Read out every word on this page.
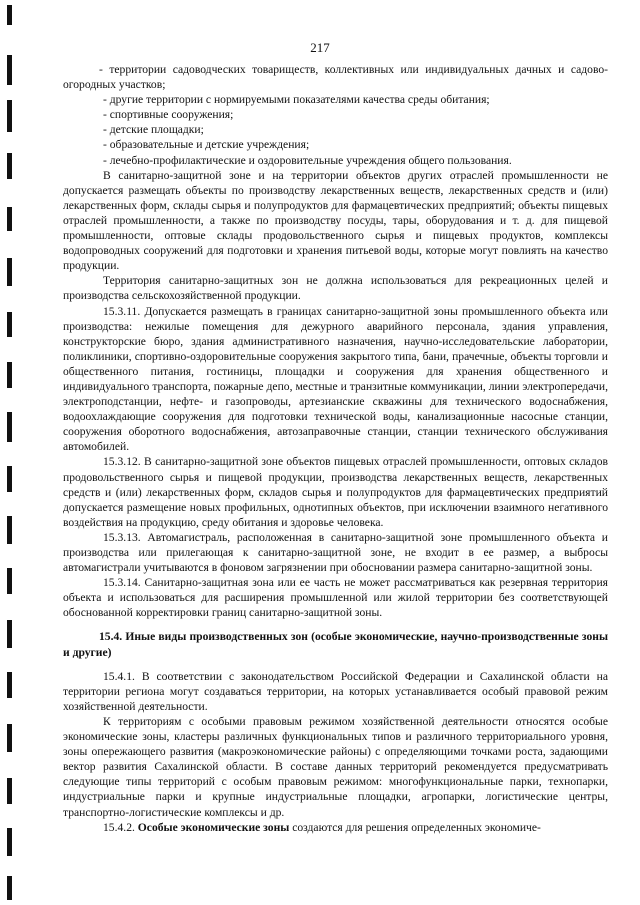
217

- территории садоводческих товариществ, коллективных или индивидуальных дачных и садово-огородных участков;

- другие территории с нормируемыми показателями качества среды обитания;

- спортивные сооружения;

- детские площадки;

- образовательные и детские учреждения;

- лечебно-профилактические и оздоровительные учреждения общего пользования.

В санитарно-защитной зоне и на территории объектов других отраслей промышленности не допускается размещать объекты по производству лекарственных веществ, лекарственных средств и (или) лекарственных форм, склады сырья и полупродуктов для фармацевтических предприятий; объекты пищевых отраслей промышленности, а также по производству посуды, тары, оборудования и т. д. для пищевой промышленности, оптовые склады продовольственного сырья и пищевых продуктов, комплексы водопроводных сооружений для подготовки и хранения питьевой воды, которые могут повлиять на качество продукции.

Территория санитарно-защитных зон не должна использоваться для рекреационных целей и производства сельскохозяйственной продукции.

15.3.11. Допускается размещать в границах санитарно-защитной зоны промышленного объекта или производства: нежилые помещения для дежурного аварийного персонала, здания управления, конструкторские бюро, здания административного назначения, научно-исследовательские лаборатории, поликлиники, спортивно-оздоровительные сооружения закрытого типа, бани, прачечные, объекты торговли и общественного питания, гостиницы, площадки и сооружения для хранения общественного и индивидуального транспорта, пожарные депо, местные и транзитные коммуникации, линии электропередачи, электроподстанции, нефте- и газопроводы, артезианские скважины для технического водоснабжения, водоохлаждающие сооружения для подготовки технической воды, канализационные насосные станции, сооружения оборотного водоснабжения, автозаправочные станции, станции технического обслуживания автомобилей.

15.3.12. В санитарно-защитной зоне объектов пищевых отраслей промышленности, оптовых складов продовольственного сырья и пищевой продукции, производства лекарственных веществ, лекарственных средств и (или) лекарственных форм, складов сырья и полупродуктов для фармацевтических предприятий допускается размещение новых профильных, однотипных объектов, при исключении взаимного негативного воздействия на продукцию, среду обитания и здоровье человека.

15.3.13. Автомагистраль, расположенная в санитарно-защитной зоне промышленного объекта и производства или прилегающая к санитарно-защитной зоне, не входит в ее размер, а выбросы автомагистрали учитываются в фоновом загрязнении при обосновании размера санитарно-защитной зоны.

15.3.14. Санитарно-защитная зона или ее часть не может рассматриваться как резервная территория объекта и использоваться для расширения промышленной или жилой территории без соответствующей обоснованной корректировки границ санитарно-защитной зоны.

15.4. Иные виды производственных зон (особые экономические, научно-производственные зоны и другие)

15.4.1. В соответствии с законодательством Российской Федерации и Сахалинской области на территории региона могут создаваться территории, на которых устанавливается особый правовой режим хозяйственной деятельности.

К территориям с особыми правовым режимом хозяйственной деятельности относятся особые экономические зоны, кластеры различных функциональных типов и различного территориального уровня, зоны опережающего развития (макроэкономические районы) с определяющими точками роста, задающими вектор развития Сахалинской области. В составе данных территорий рекомендуется предусматривать следующие типы территорий с особым правовым режимом: многофункциональные парки, технопарки, индустриальные парки и крупные индустриальные площадки, агропарки, логистические центры, транспортно-логистические комплексы и др.

15.4.2. Особые экономические зоны создаются для решения определенных экономиче-
